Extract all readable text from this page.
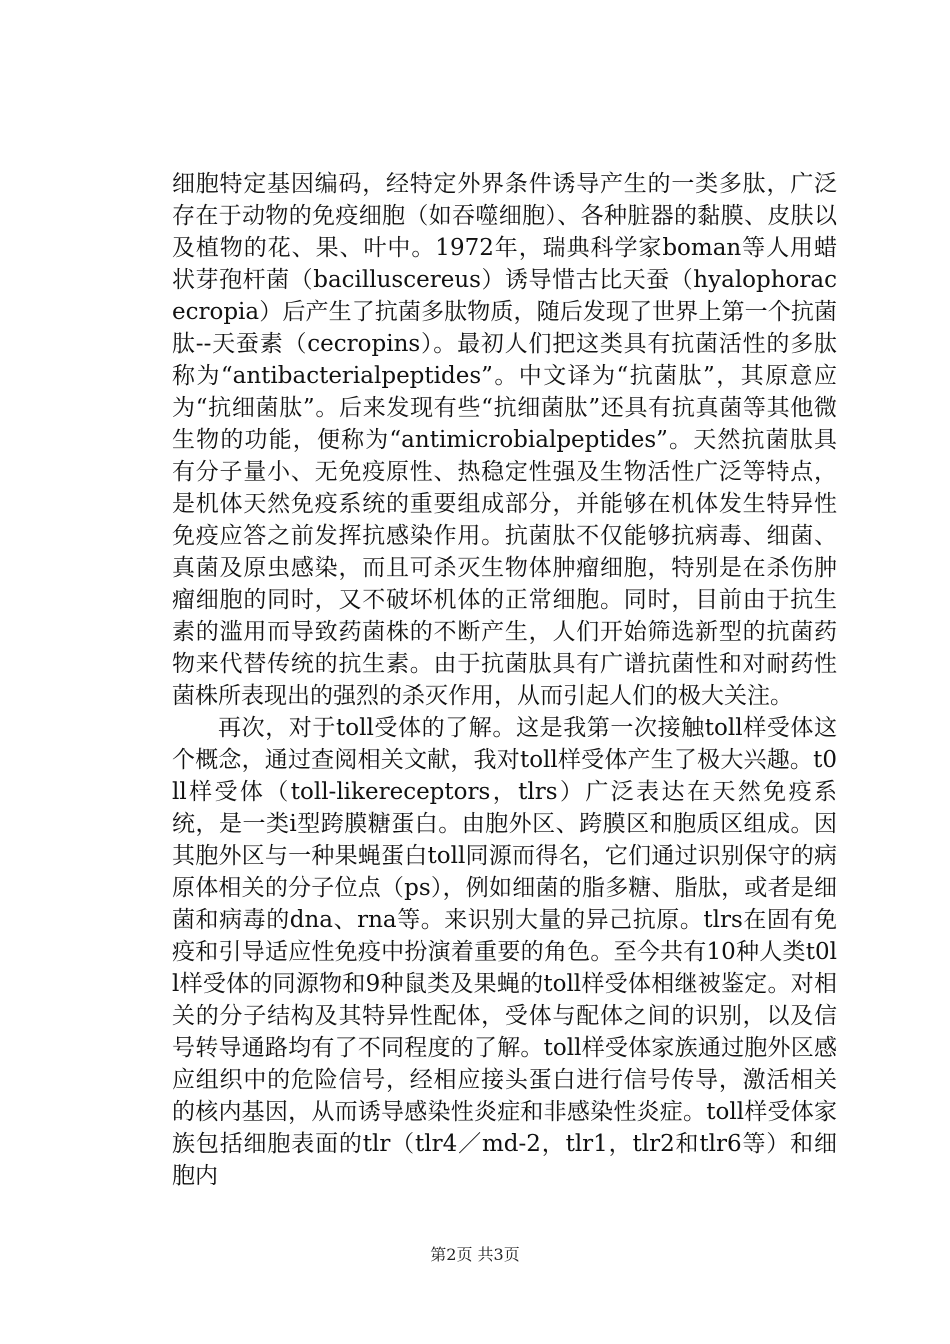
细胞特定基因编码，经特定外界条件诱导产生的一类多肽，广泛存在于动物的免疫细胞（如吞噬细胞）、各种脏器的黏膜、皮肤以及植物的花、果、叶中。1972年，瑞典科学家boman等人用蜡状芽孢杆菌（bacilluscereus）诱导惜古比天蚕（hyalophoracecropia）后产生了抗菌多肽物质，随后发现了世界上第一个抗菌肽--天蚕素（cecropins）。最初人们把这类具有抗菌活性的多肽称为“antibacterialpeptides”。中文译为“抗菌肽”，其原意应为“抗细菌肽”。后来发现有些“抗细菌肽”还具有抗真菌等其他微生物的功能，便称为“antimicrobialpeptides”。天然抗菌肽具有分子量小、无免疫原性、热稳定性强及生物活性广泛等特点，是机体天然免疫系统的重要组成部分，并能够在机体发生特异性免疫应答之前发挥抗感染作用。抗菌肽不仅能够抗病毒、细菌、真菌及原虫感染，而且可杀灭生物体肿瘤细胞，特别是在杀伤肿瘤细胞的同时，又不破坏机体的正常细胞。同时，目前由于抗生素的滥用而导致药菌株的不断产生，人们开始筛选新型的抗菌药物来代替传统的抗生素。由于抗菌肽具有广谱抗菌性和对耐药性菌株所表现出的强烈的杀灭作用，从而引起人们的极大关注。

再次，对于toll受体的了解。这是我第一次接触toll样受体这个概念，通过查阅相关文献，我对toll样受体产生了极大兴趣。t0ll样受体（toll-likereceptors，tlrs）广泛表达在天然免疫系统，是一类i型跨膜糖蛋白。由胞外区、跨膜区和胞质区组成。因其胞外区与一种果蝇蛋白toll同源而得名，它们通过识别保守的病原体相关的分子位点（ps），例如细菌的脂多糖、脂肽，或者是细菌和病毒的dna、rna等。来识别大量的异己抗原。tlrs在固有免疫和引导适应性免疫中扮演着重要的角色。至今共有10种人类t0ll样受体的同源物和9种鼠类及果蝇的toll样受体相继被鉴定。对相关的分子结构及其特异性配体，受体与配体之间的识别，以及信号转导通路均有了不同程度的了解。toll样受体家族通过胞外区感应组织中的危险信号，经相应接头蛋白进行信号传导，激活相关的核内基因，从而诱导感染性炎症和非感染性炎症。toll样受体家族包括细胞表面的tlr（tlr4／md-2，tlr1，tlr2和tlr6等）和细胞内

第2页 共3页
